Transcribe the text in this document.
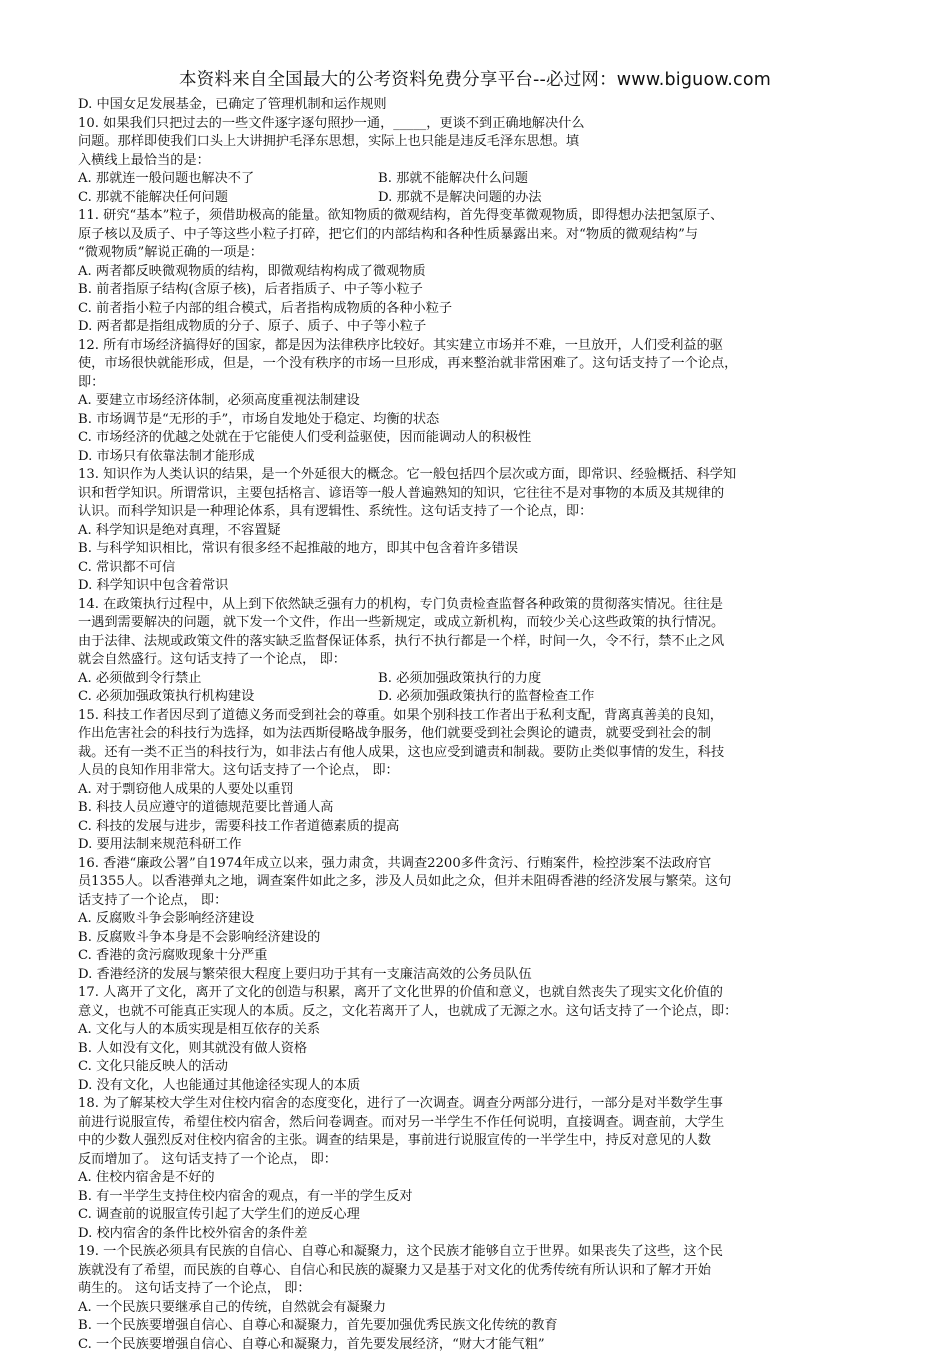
本资料来自全国最大的公考资料免费分享平台--必过网：www.biguow.com
D. 中国女足发展基金，已确定了管理机制和运作规则
10. 如果我们只把过去的一些文件逐字逐句照抄一通，_____，更谈不到正确地解决什么
问题。那样即使我们口头上大讲拥护毛泽东思想，实际上也只能是违反毛泽东思想。填
入横线上最恰当的是：
A. 那就连一般问题也解决不了	B. 那就不能解决什么问题
C. 那就不能解决任何问题	D. 那就不是解决问题的办法
11. 研究“基本”粒子，须借助极高的能量。欲知物质的微观结构，首先得变革微观物质，即得想办法把氢原子、
原子核以及质子、中子等这些小粒子打碎，把它们的内部结构和各种性质暴露出来。对“物质的微观结构”与
“微观物质”解说正确的一项是：
A. 两者都反映微观物质的结构，即微观结构构成了微观物质
B. 前者指原子结构(含原子核)，后者指质子、中子等小粒子
C. 前者指小粒子内部的组合模式，后者指构成物质的各种小粒子
D. 两者都是指组成物质的分子、原子、质子、中子等小粒子
12. 所有市场经济搞得好的国家，都是因为法律秩序比较好。其实建立市场并不难，一旦放开，人们受利益的驱
使，市场很快就能形成，但是，一个没有秩序的市场一旦形成，再来整治就非常困难了。这句话支持了一个论点，
即：
A. 要建立市场经济体制，必须高度重视法制建设
B. 市场调节是“无形的手”，市场自发地处于稳定、均衡的状态
C. 市场经济的优越之处就在于它能使人们受利益驱使，因而能调动人的积极性
D. 市场只有依靠法制才能形成
13. 知识作为人类认识的结果，是一个外延很大的概念。它一般包括四个层次或方面，即常识、经验概括、科学知
识和哲学知识。所谓常识，主要包括格言、谚语等一般人普遍熟知的知识，它往往不是对事物的本质及其规律的
认识。而科学知识是一种理论体系，具有逻辑性、系统性。这句话支持了一个论点，即：
A. 科学知识是绝对真理，不容置疑
B. 与科学知识相比，常识有很多经不起推敲的地方，即其中包含着许多错误
C. 常识都不可信
D. 科学知识中包含着常识
14. 在政策执行过程中，从上到下依然缺乏强有力的机构，专门负责检查监督各种政策的贯彻落实情况。往往是
一遇到需要解决的问题，就下发一个文件，作出一些新规定，或成立新机构，而较少关心这些政策的执行情况。
由于法律、法规或政策文件的落实缺乏监督保证体系，执行不执行都是一个样，时间一久，令不行，禁不止之风
就会自然盛行。这句话支持了一个论点， 即：
A. 必须做到令行禁止	B. 必须加强政策执行的力度
C. 必须加强政策执行机构建设	D. 必须加强政策执行的监督检查工作
15. 科技工作者因尽到了道德义务而受到社会的尊重。如果个别科技工作者出于私利支配，背离真善美的良知，
作出危害社会的科技行为选择，如为法西斯侵略战争服务，他们就要受到社会舆论的谴责，就要受到社会的制
裁。还有一类不正当的科技行为，如非法占有他人成果，这也应受到谴责和制裁。要防止类似事情的发生，科技
人员的良知作用非常大。这句话支持了一个论点， 即：
A. 对于剽窃他人成果的人要处以重罚
B. 科技人员应遵守的道德规范要比普通人高
C. 科技的发展与进步，需要科技工作者道德素质的提高
D. 要用法制来规范科研工作
16. 香港“廉政公署”自1974年成立以来，强力肃贪，共调查2200多件贪污、行贿案件，检控涉案不法政府官
员1355人。以香港弹丸之地，调查案件如此之多，涉及人员如此之众，但并未阻碍香港的经济发展与繁荣。这句
话支持了一个论点， 即：
A. 反腐败斗争会影响经济建设
B. 反腐败斗争本身是不会影响经济建设的
C. 香港的贪污腐败现象十分严重
D. 香港经济的发展与繁荣很大程度上要归功于其有一支廉洁高效的公务员队伍
17. 人离开了文化，离开了文化的创造与积累，离开了文化世界的价值和意义，也就自然丧失了现实文化价值的
意义，也就不可能真正实现人的本质。反之，文化若离开了人，也就成了无源之水。这句话支持了一个论点，即：
A. 文化与人的本质实现是相互依存的关系
B. 人如没有文化，则其就没有做人资格
C. 文化只能反映人的活动
D. 没有文化，人也能通过其他途径实现人的本质
18. 为了解某校大学生对住校内宿舍的态度变化，进行了一次调查。调查分两部分进行，一部分是对半数学生事
前进行说服宣传，希望住校内宿舍，然后问卷调查。而对另一半学生不作任何说明，直接调查。调查前，大学生
中的少数人强烈反对住校内宿舍的主张。调查的结果是，事前进行说服宣传的一半学生中，持反对意见的人数
反而增加了。 这句话支持了一个论点， 即：
A. 住校内宿舍是不好的
B. 有一半学生支持住校内宿舍的观点，有一半的学生反对
C. 调查前的说服宣传引起了大学生们的逆反心理
D. 校内宿舍的条件比校外宿舍的条件差
19. 一个民族必须具有民族的自信心、自尊心和凝聚力，这个民族才能够自立于世界。如果丧失了这些，这个民
族就没有了希望，而民族的自尊心、自信心和民族的凝聚力又是基于对文化的优秀传统有所认识和了解才开始
萌生的。 这句话支持了一个论点， 即：
A. 一个民族只要继承自己的传统，自然就会有凝聚力
B. 一个民族要增强自信心、自尊心和凝聚力，首先要加强优秀民族文化传统的教育
C. 一个民族要增强自信心、自尊心和凝聚力，首先要发展经济，“财大才能气粗”
